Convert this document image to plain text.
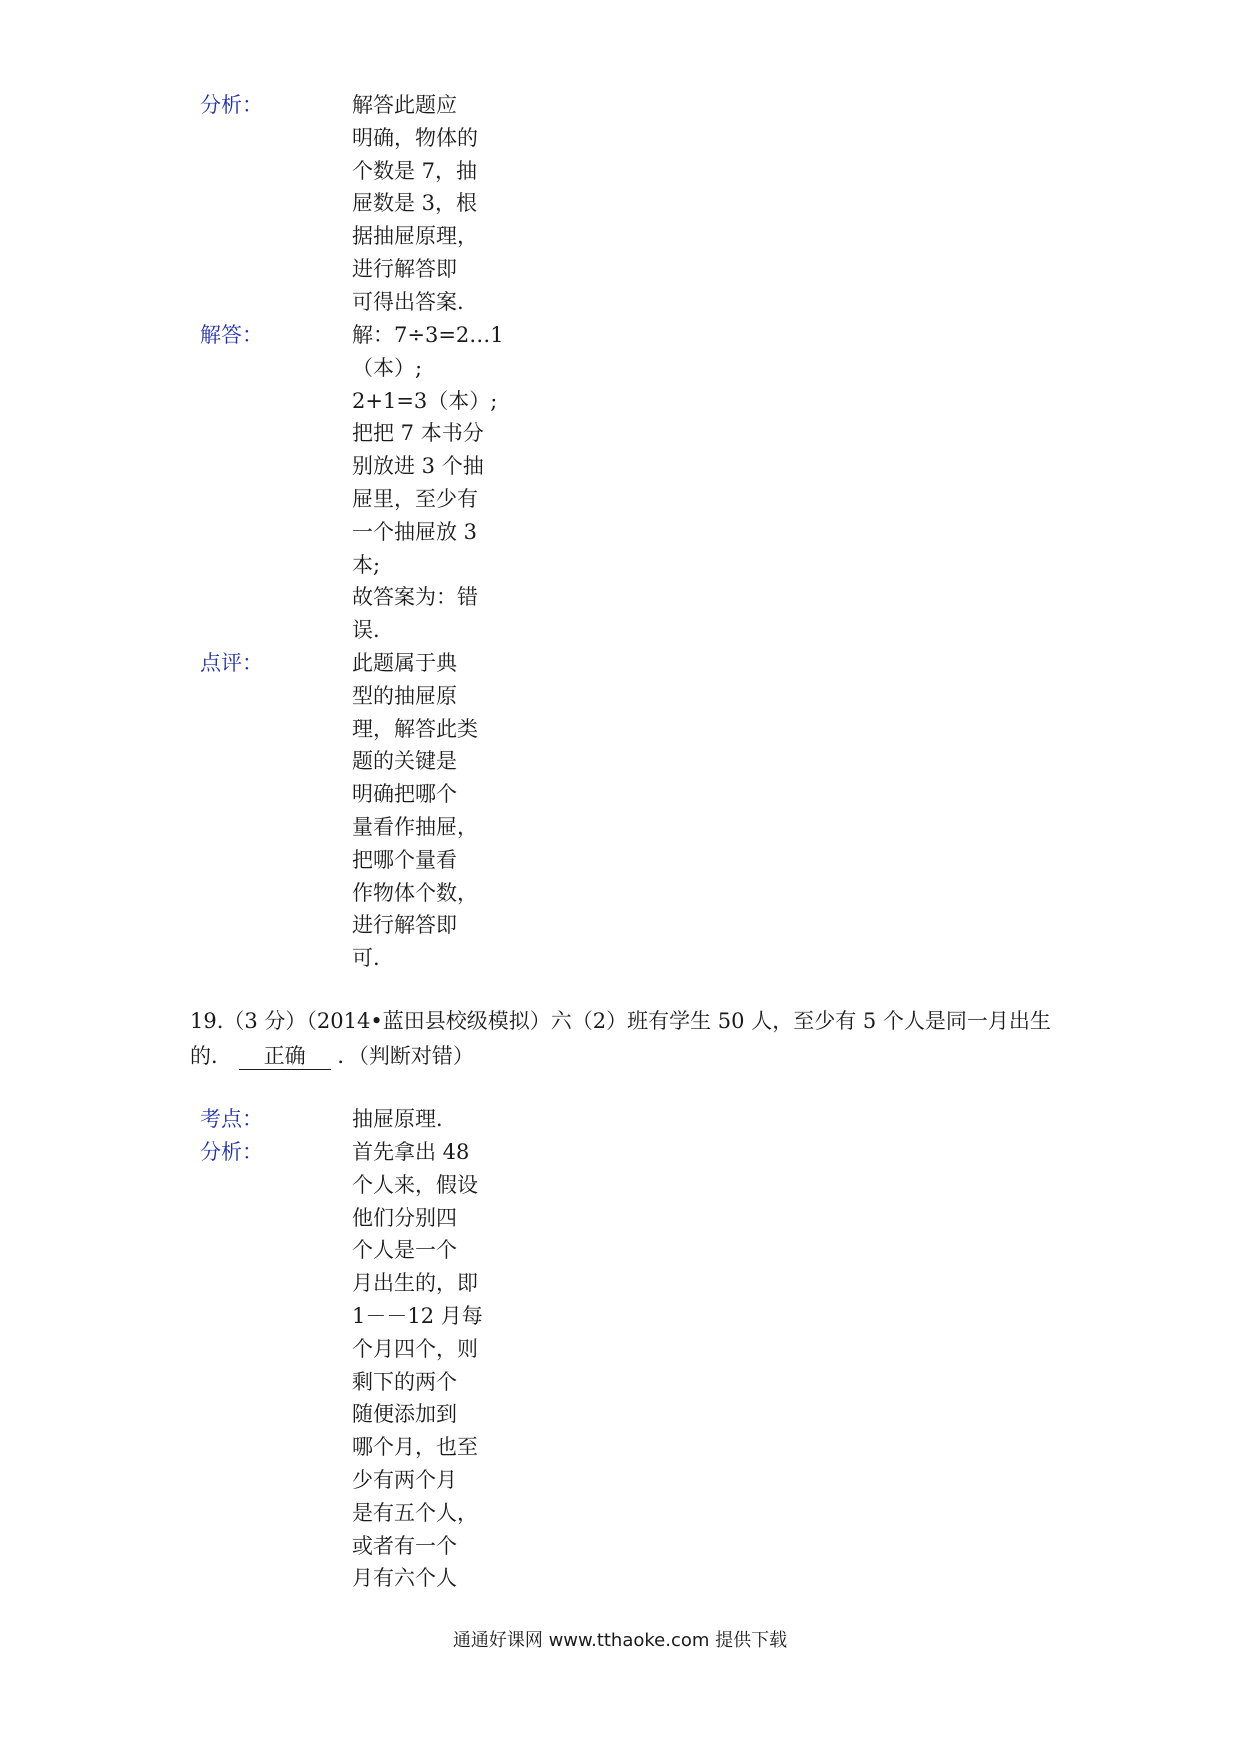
分析：	解答此题应
明确，物体的
个数是 7，抽
屉数是 3，根
据抽屉原理，
进行解答即
可得出答案.
解答：	解：7÷3=2…1
（本）;
2+1=3（本）;
把把 7 本书分
别放进 3 个抽
屉里，至少有
一个抽屉放 3
本;
故答案为：错
误.
点评：	此题属于典
型的抽屉原
理，解答此类
题的关键是
明确把哪个
量看作抽屉，
把哪个量看
作物体个数，
进行解答即
可.
19.（3 分）（2014•蓝田县校级模拟）六（2）班有学生 50 人，至少有 5 个人是同一月出生
的． 正确 ．（判断对错）
考点：	抽屉原理．
分析：	首先拿出 48
个人来，假设
他们分别四
个人是一个
月出生的，即
1－－12 月每
个月四个，则
剩下的两个
随便添加到
哪个月，也至
少有两个月
是有五个人，
或者有一个
月有六个人
通通好课网 www.tthaoke.com 提供下载
